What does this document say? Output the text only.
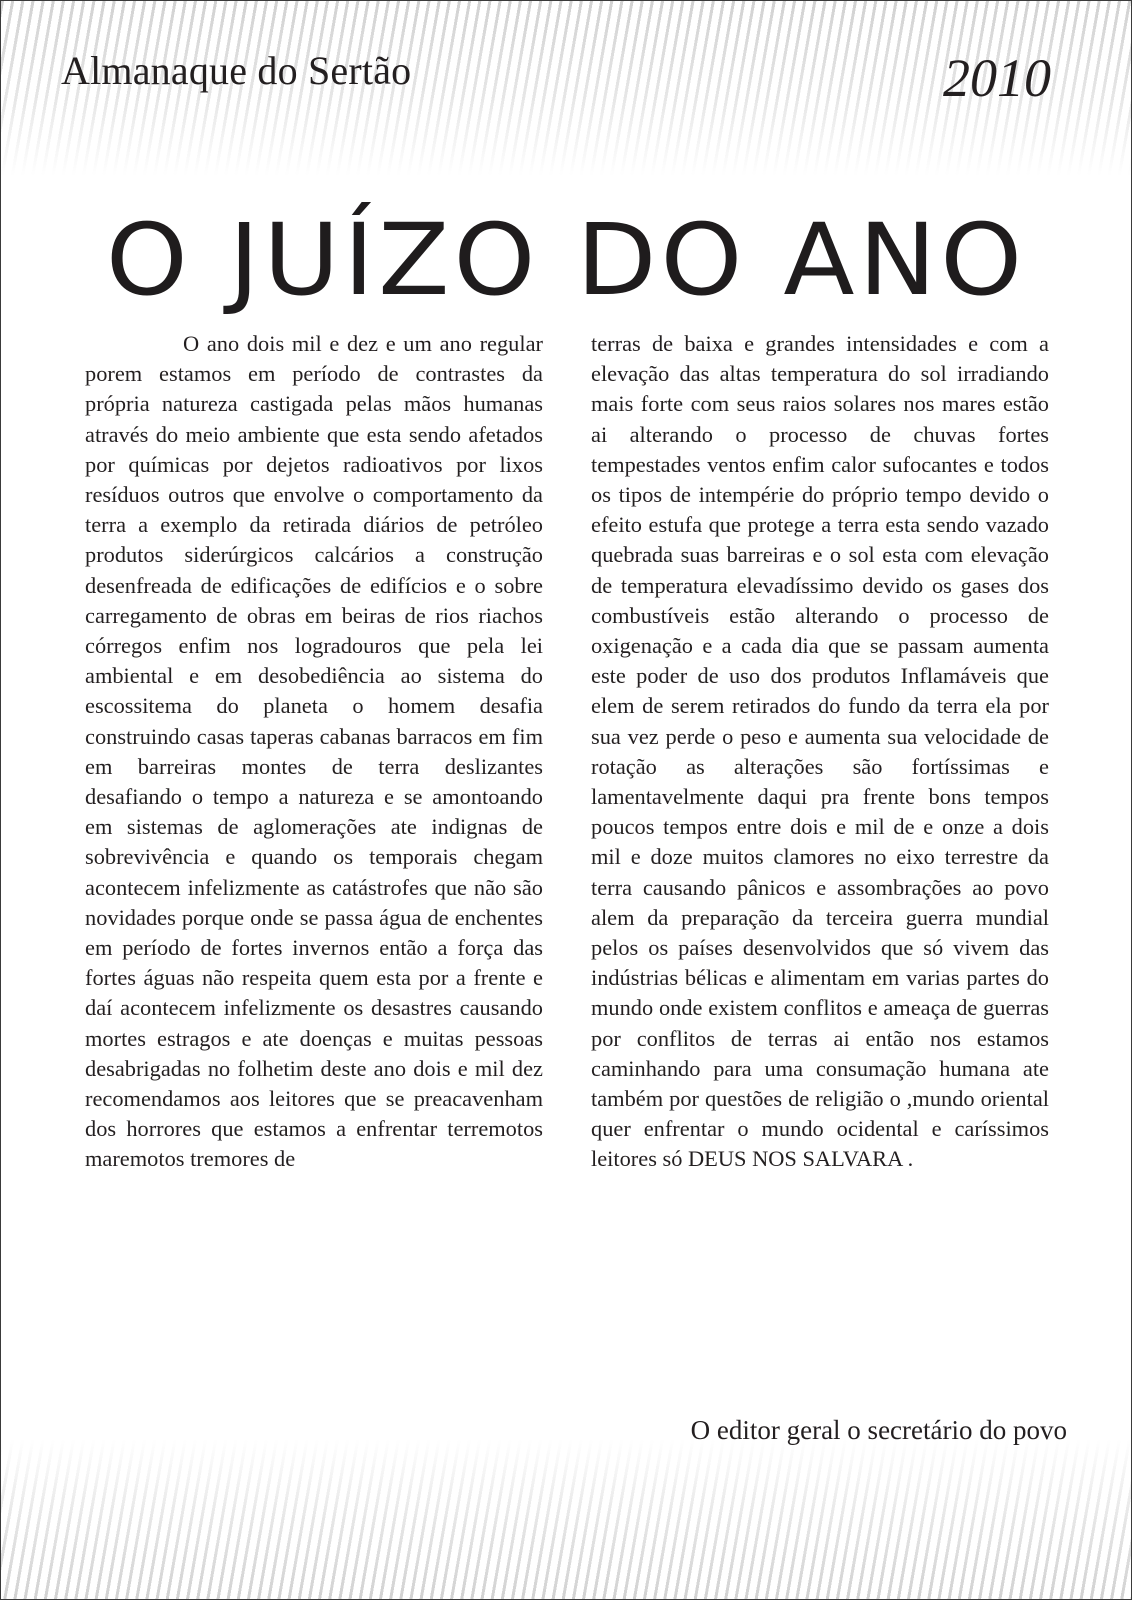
Almanaque do Sertão	2010
O JUÍZO DO ANO

O ano dois mil e dez e um ano regular porem estamos em período de contrastes da própria natureza castigada pelas mãos humanas através do meio ambiente que esta sendo afetados por químicas por dejetos radioativos por lixos resíduos outros que envolve o comportamento da terra a exemplo da retirada diários de petróleo produtos siderúrgicos calcários a construção desenfreada de edificações de edifícios e o sobre carregamento de obras em beiras de rios riachos córregos enfim nos logradouros que pela lei ambiental e em desobediência ao sistema do escossitema do planeta o homem desafia construindo casas taperas cabanas barracos em fim em barreiras montes de terra deslizantes desafiando o tempo a natureza e se amontoando em sistemas de aglomerações ate indignas de sobrevivência e quando os temporais chegam acontecem infelizmente as catástrofes que não são novidades porque onde se passa água de enchentes em período de fortes invernos então a força das fortes águas não respeita quem esta por a frente e daí acontecem infelizmente os desastres causando mortes estragos e ate doenças e muitas pessoas desabrigadas no folhetim deste ano dois e mil dez recomendamos aos leitores que se preacavenham dos horrores que estamos a enfrentar terremotos maremotos tremores de

terras de baixa e grandes intensidades e com a elevação das altas temperatura do sol irradiando mais forte com seus raios solares nos mares estão ai alterando o processo de chuvas fortes tempestades ventos enfim calor sufocantes e todos os tipos de intempérie do próprio tempo devido o efeito estufa que protege a terra esta sendo vazado quebrada suas barreiras e o sol esta com elevação de temperatura elevadíssimo devido os gases dos combustíveis estão alterando o processo de oxigenação e a cada dia que se passam aumenta este poder de uso dos produtos Inflamáveis que elem de serem retirados do fundo da terra ela por sua vez perde o peso e aumenta sua velocidade de rotação as alterações são fortíssimas e lamentavelmente daqui pra frente bons tempos poucos tempos entre dois e mil de e onze a dois mil e doze muitos clamores no eixo terrestre da terra causando pânicos e assombrações ao povo alem da preparação da terceira guerra mundial pelos os países desenvolvidos que só vivem das indústrias bélicas e alimentam em varias partes do mundo onde existem conflitos e ameaça de guerras por conflitos de terras ai então nos estamos caminhando para uma consumação humana ate também por questões de religião o ,mundo oriental quer enfrentar o mundo ocidental e caríssimos leitores só DEUS NOS SALVARA .

O editor geral o secretário do povo
